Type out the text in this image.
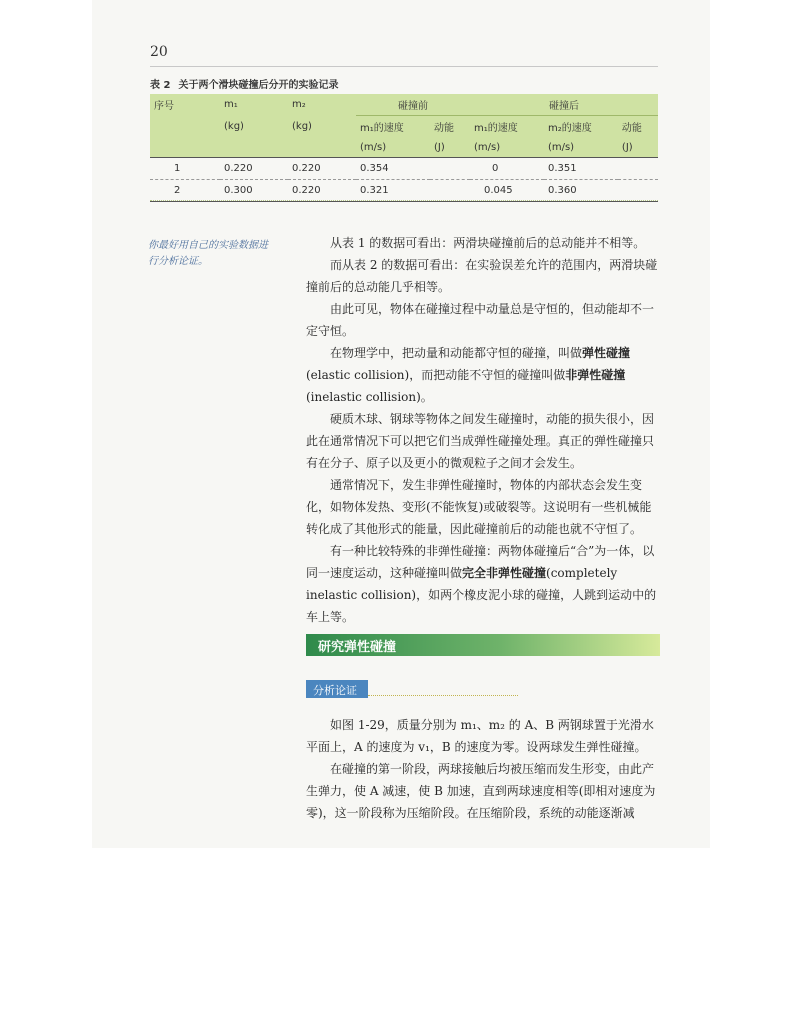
20
表 2 关于两个滑块碰撞后分开的实验记录
序号	m₁	m₂	碰撞前		碰撞后		
	(kg)	(kg)	m₁的速度	动能	m₁的速度	m₂的速度	动能
			(m/s)	(J)	(m/s)	(m/s)	(J)
1	0.220	0.220	0.354		0	0.351	
2	0.300	0.220	0.321		0.045	0.360	
你最好用自己的实验数据进行分析论证。

从表 1 的数据可看出：两滑块碰撞前后的总动能并不相等。

而从表 2 的数据可看出：在实验误差允许的范围内，两滑块碰撞前后的总动能几乎相等。

由此可见，物体在碰撞过程中动量总是守恒的，但动能却不一定守恒。

在物理学中，把动量和动能都守恒的碰撞，叫做弹性碰撞(elastic collision)，而把动能不守恒的碰撞叫做非弹性碰撞(inelastic collision)。

硬质木球、钢球等物体之间发生碰撞时，动能的损失很小，因此在通常情况下可以把它们当成弹性碰撞处理。真正的弹性碰撞只有在分子、原子以及更小的微观粒子之间才会发生。

通常情况下，发生非弹性碰撞时，物体的内部状态会发生变化，如物体发热、变形(不能恢复)或破裂等。这说明有一些机械能转化成了其他形式的能量，因此碰撞前后的动能也就不守恒了。

有一种比较特殊的非弹性碰撞：两物体碰撞后“合”为一体，以同一速度运动，这种碰撞叫做完全非弹性碰撞(completely inelastic collision)，如两个橡皮泥小球的碰撞，人跳到运动中的车上等。

研究弹性碰撞
分析论证

如图 1-29，质量分别为 m₁、m₂ 的 A、B 两钢球置于光滑水平面上，A 的速度为 v₁，B 的速度为零。设两球发生弹性碰撞。

在碰撞的第一阶段，两球接触后均被压缩而发生形变，由此产生弹力，使 A 减速，使 B 加速，直到两球速度相等(即相对速度为零)，这一阶段称为压缩阶段。在压缩阶段，系统的动能逐渐减
